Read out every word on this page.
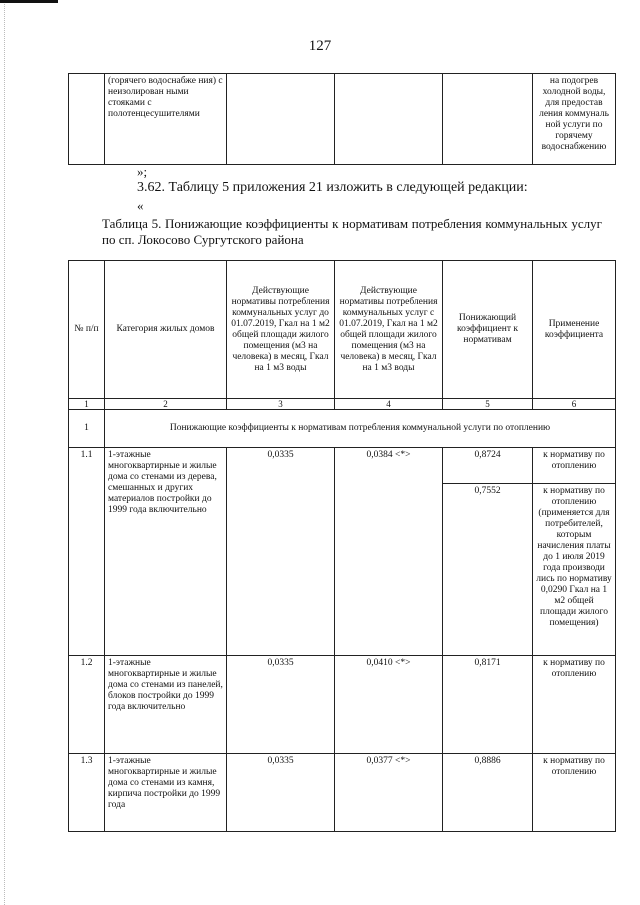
127
	(горячего водоснабже ния) с неизолирован ными стояками с полотенцесушителями				на подогрев холодной воды, для предостав ления коммуналь ной услуги по горячему водоснабжению
»;
3.62. Таблицу 5 приложения 21 изложить в следующей редакции:
«
Таблица 5. Понижающие коэффициенты к нормативам потребления коммунальных услуг по сп. Локосово Сургутского района
№ п/п	Категория жилых домов	Действующие нормативы потребления коммунальных услуг до 01.07.2019, Гкал на 1 м2 общей площади жилого помещения (м3 на человека) в месяц, Гкал на 1 м3 воды	Действующие нормативы потребления коммунальных услуг с 01.07.2019, Гкал на 1 м2 общей площади жилого помещения (м3 на человека) в месяц, Гкал на 1 м3 воды	Понижающий коэффициент к нормативам	Применение коэффициента
1	2	3	4	5	6
1	Понижающие коэффициенты к нормативам потребления коммунальной услуги по отоплению				
1.1	1-этажные многоквартирные и жилые дома со стенами из дерева, смешанных и других материалов постройки до 1999 года включительно	0,0335	0,0384 <*>	0,8724	к нормативу по отоплению
				0,7552	к нормативу по отоплению (применяется для потребителей, которым начисления платы до 1 июля 2019 года производи лись по нормативу 0,0290 Гкал на 1 м2 общей площади жилого помещения)
1.2	1-этажные многоквартирные и жилые дома со стенами из панелей, блоков постройки до 1999 года включительно	0,0335	0,0410 <*>	0,8171	к нормативу по отоплению
1.3	1-этажные многоквартирные и жилые дома со стенами из камня, кирпича постройки до 1999 года	0,0335	0,0377 <*>	0,8886	к нормативу по отоплению
